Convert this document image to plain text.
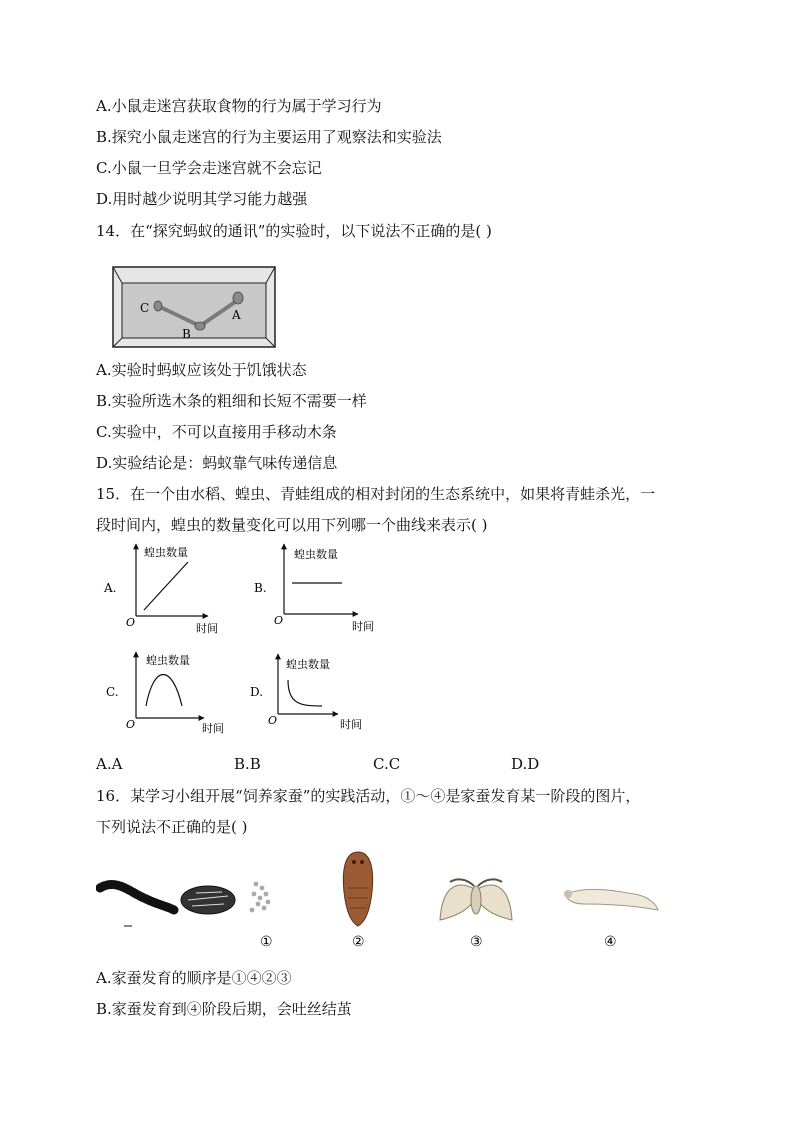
A.小鼠走迷宫获取食物的行为属于学习行为
B.探究小鼠走迷宫的行为主要运用了观察法和实验法
C.小鼠一旦学会走迷宫就不会忘记
D.用时越少说明其学习能力越强
14．在“探究蚂蚁的通讯”的实验时，以下说法不正确的是( )
C
B
A
A.实验时蚂蚁应该处于饥饿状态
B.实验所选木条的粗细和长短不需要一样
C.实验中，不可以直接用手移动木条
D.实验结论是：蚂蚁靠气味传递信息
15．在一个由水稻、蝗虫、青蛙组成的相对封闭的生态系统中，如果将青蛙杀光，一
段时间内，蝗虫的数量变化可以用下列哪一个曲线来表示( )
A.
蝗虫数量
时间
O
B.
蝗虫数量
时间
O
C.
蝗虫数量
时间
O
D.
蝗虫数量
时间
O
A.A	B.B	C.C	D.D
16．某学习小组开展“饲养家蚕”的实践活动，①～④是家蚕发育某一阶段的图片，
下列说法不正确的是( )
①	②	③	④
A.家蚕发育的顺序是①④②③
B.家蚕发育到④阶段后期，会吐丝结茧
